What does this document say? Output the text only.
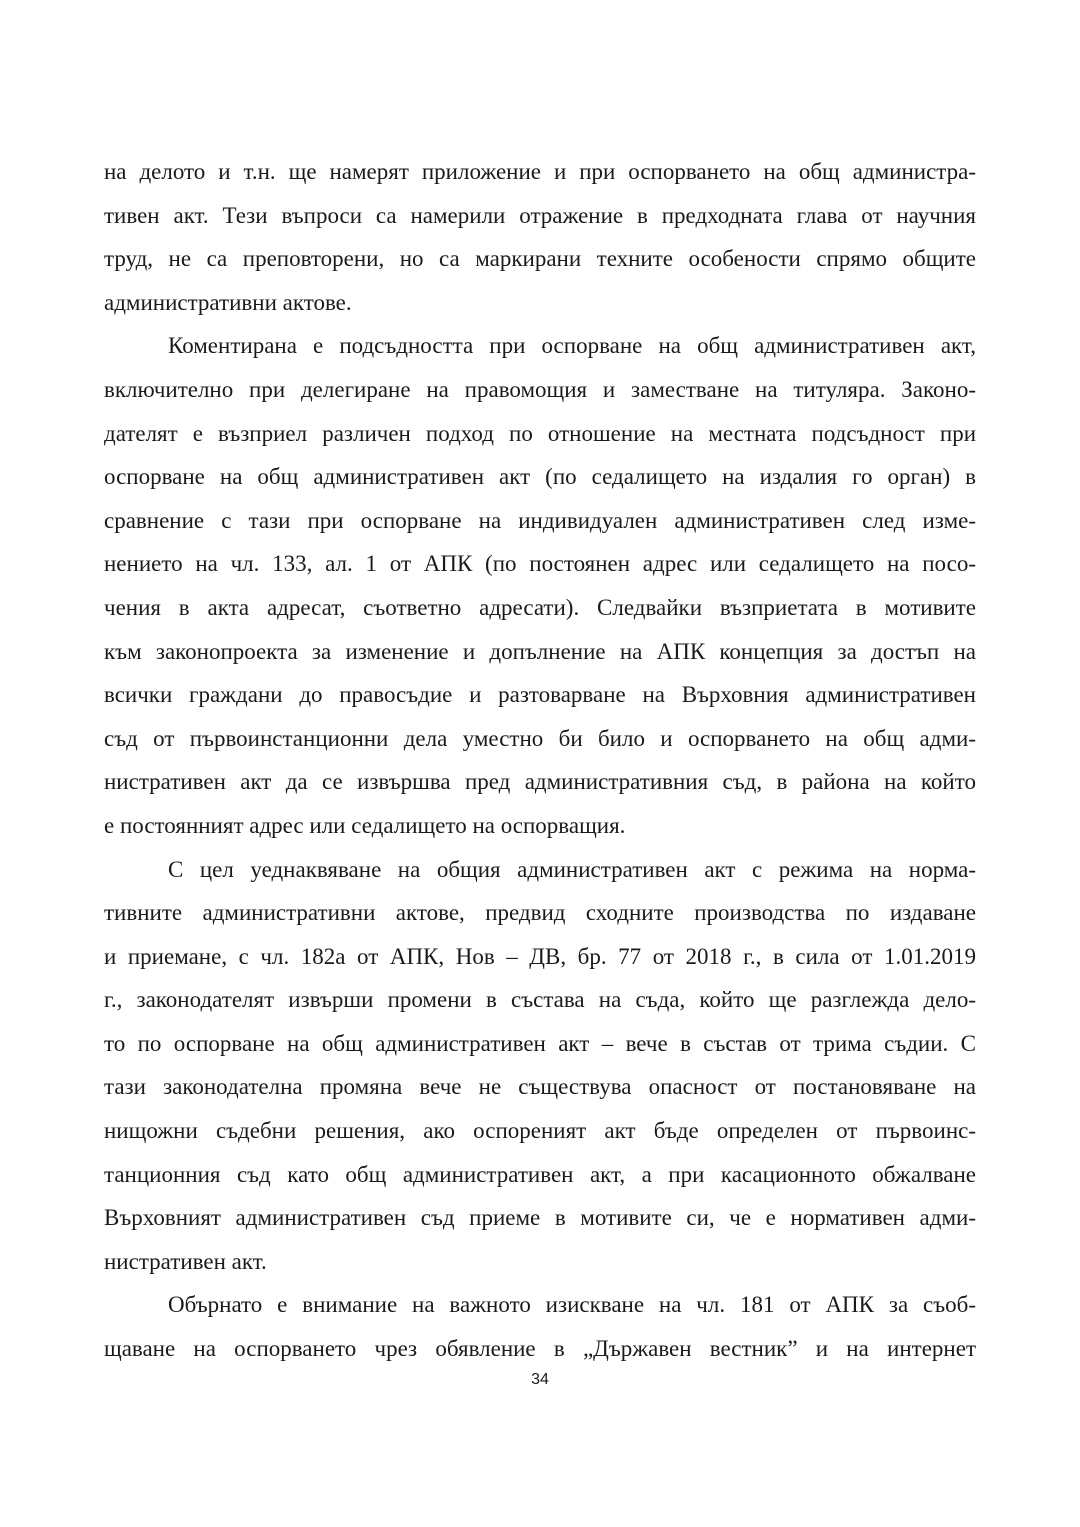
на делото и т.н. ще намерят приложение и при оспорването на общ администра-
тивен акт. Тези въпроси са намерили отражение в предходната глава от научния
труд, не са преповторени, но са маркирани техните особености спрямо общите
административни актове.
Коментирана е подсъдността при оспорване на общ административен акт,
включително при делегиране на правомощия и заместване на титуляра. Законо-
дателят е възприел различен подход по отношение на местната подсъдност при
оспорване на общ административен акт (по седалището на издалия го орган) в
сравнение с тази при оспорване на индивидуален административен след изме-
нението на чл. 133, ал. 1 от АПК (по постоянен адрес или седалището на посо-
чения в акта адресат, съответно адресати). Следвайки възприетата в мотивите
към законопроекта за изменение и допълнение на АПК концепция за достъп на
всички граждани до правосъдие и разтоварване на Върховния административен
съд от първоинстанционни дела уместно би било и оспорването на общ адми-
нистративен акт да се извършва пред административния съд, в района на който
е постоянният адрес или седалището на оспорващия.
С цел уеднаквяване на общия административен акт с режима на норма-
тивните административни актове, предвид сходните производства по издаване
и приемане, с чл. 182а от АПК, Нов – ДВ, бр. 77 от 2018 г., в сила от 1.01.2019
г., законодателят извърши промени в състава на съда, който ще разглежда дело-
то по оспорване на общ административен акт – вече в състав от трима съдии. С
тази законодателна промяна вече не съществува опасност от постановяване на
нищожни съдебни решения, ако оспореният акт бъде определен от първоинс-
танционния съд като общ административен акт, а при касационното обжалване
Върховният административен съд приеме в мотивите си, че е нормативен адми-
нистративен акт.
Обърнато е внимание на важното изискване на чл. 181 от АПК за съоб-
щаване на оспорването чрез обявление в „Държавен вестник” и на интернет
34
